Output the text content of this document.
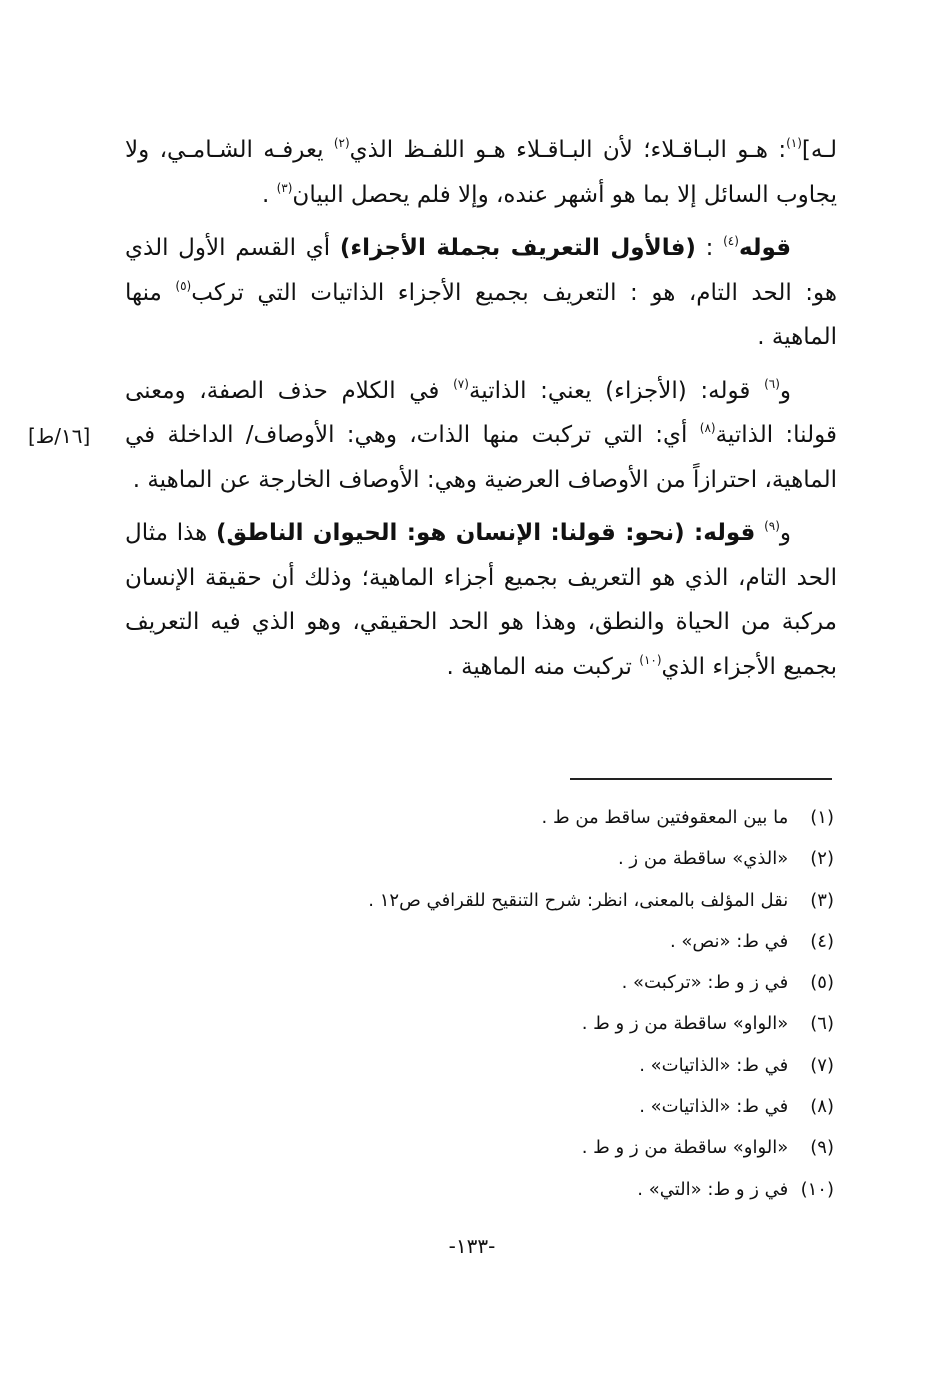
لـه]$^{(١)}$: هـو البـاقـلاء؛ لأن البـاقـلاء هـو اللفـظ الذي$^{(٢)}$ يعرفـه الشـامـي، ولا يجاوب السائل إلا بما هو أشهر عنده، وإلا فلم يحصل البيان$^{(٣)}$ .

قوله$^{(٤)}$ : (فالأول التعريف بجملة الأجزاء) أي القسم الأول الذي هو: الحد التام، هو : التعريف بجميع الأجزاء الذاتيات التي تركب$^{(٥)}$ منها الماهية .

و$^{(٦)}$ قوله: (الأجزاء) يعني: الذاتية$^{(٧)}$ في الكلام حذف الصفة، ومعنى قولنا: الذاتية$^{(٨)}$ أي: التي تركبت منها الذات، وهي: الأوصاف/ الداخلة في الماهية، احترازاً من الأوصاف العرضية وهي: الأوصاف الخارجة عن الماهية .

و$^{(٩)}$ قوله: (نحو: قولنا: الإنسان هو: الحيوان الناطق) هذا مثال الحد التام، الذي هو التعريف بجميع أجزاء الماهية؛ وذلك أن حقيقة الإنسان مركبة من الحياة والنطق، وهذا هو الحد الحقيقي، وهو الذي فيه التعريف بجميع الأجزاء الذي$^{(١٠)}$ تركبت منه الماهية .

[١٦/ط]
(١) ما بين المعقوفتين ساقط من ط .
(٢) «الذي» ساقطة من ز .
(٣) نقل المؤلف بالمعنى، انظر: شرح التنقيح للقرافي ص١٢ .
(٤) في ط: «نص» .
(٥) في ز و ط: «تركبت» .
(٦) «الواو» ساقطة من ز و ط .
(٧) في ط: «الذاتيات» .
(٨) في ط: «الذاتيات» .
(٩) «الواو» ساقطة من ز و ط .
(١٠) في ز و ط: «التي» .
-١٣٣-
